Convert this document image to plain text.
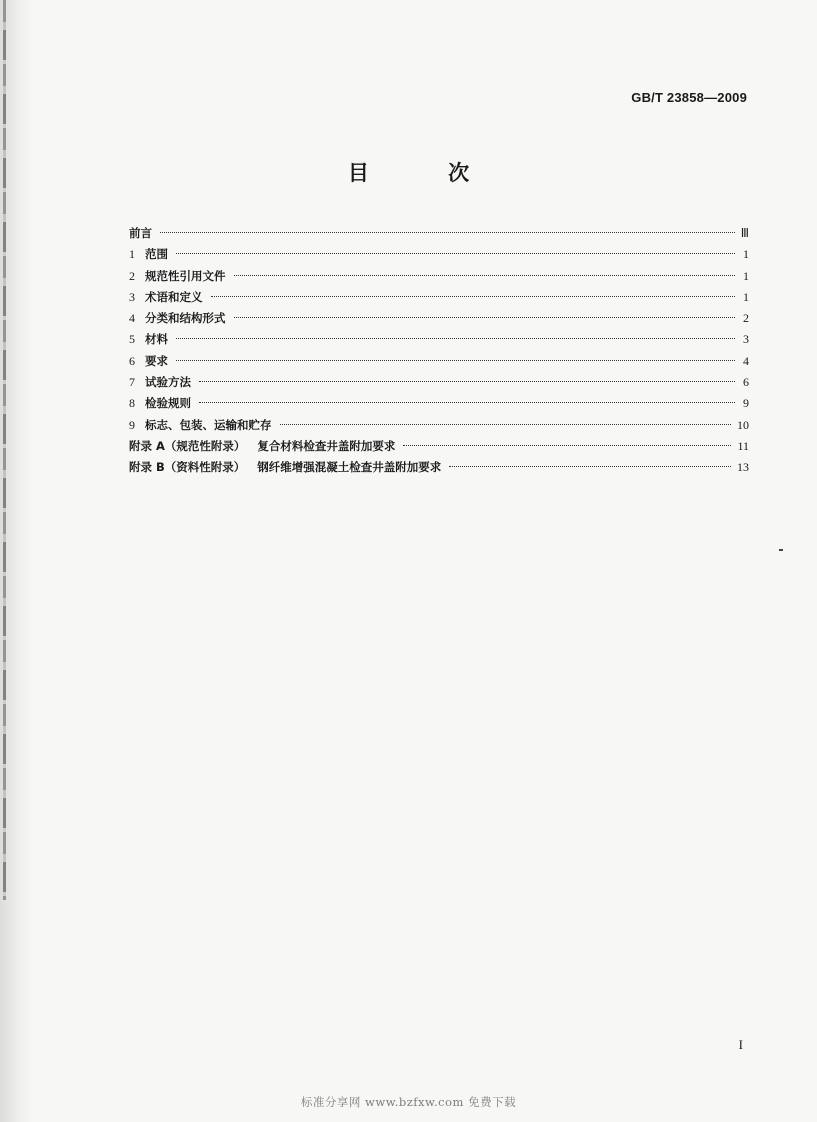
GB/T 23858—2009
目 次
前言	Ⅲ
1 范围	1
2 规范性引用文件	1
3 术语和定义	1
4 分类和结构形式	2
5 材料	3
6 要求	4
7 试验方法	6
8 检验规则	9
9 标志、包装、运输和贮存	10
附录 A（规范性附录） 复合材料检查井盖附加要求	11
附录 B（资料性附录） 钢纤维增强混凝土检查井盖附加要求	13
I
标准分享网 www.bzfxw.com 免费下载
